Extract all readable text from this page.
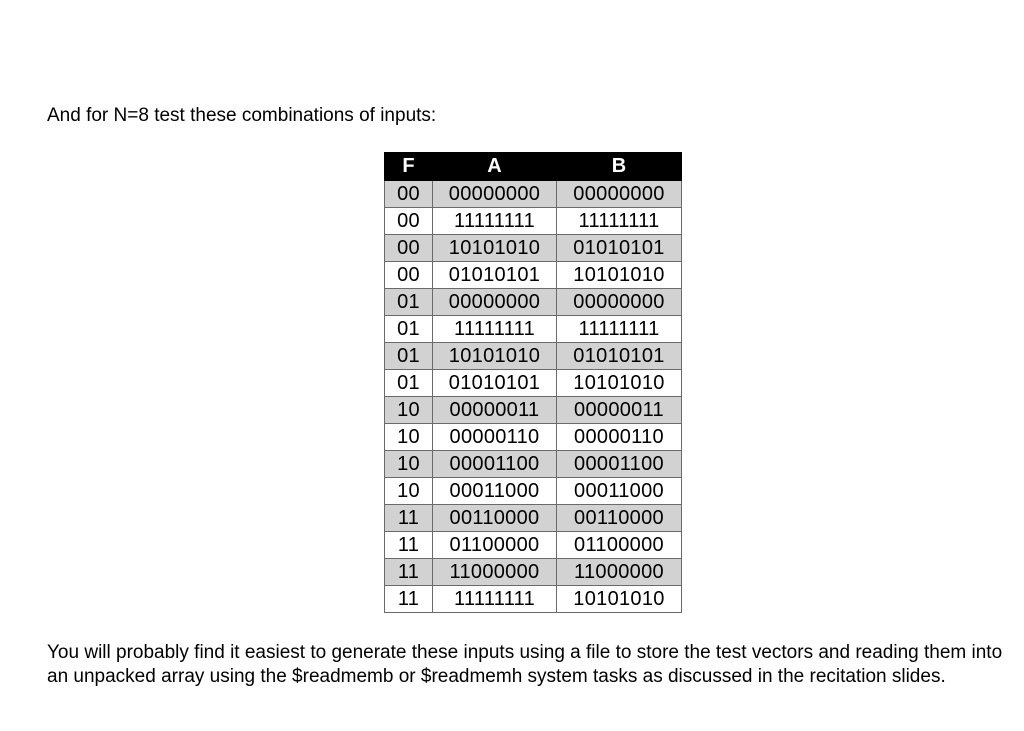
And for N=8 test these combinations of inputs:

F	A	B
00	00000000	00000000
00	11111111	11111111
00	10101010	01010101
00	01010101	10101010
01	00000000	00000000
01	11111111	11111111
01	10101010	01010101
01	01010101	10101010
10	00000011	00000011
10	00000110	00000110
10	00001100	00001100
10	00011000	00011000
11	00110000	00110000
11	01100000	01100000
11	11000000	11000000
11	11111111	10101010

You will probably find it easiest to generate these inputs using a file to store the test vectors and reading them into an unpacked array using the $readmemb or $readmemh system tasks as discussed in the recitation slides.
